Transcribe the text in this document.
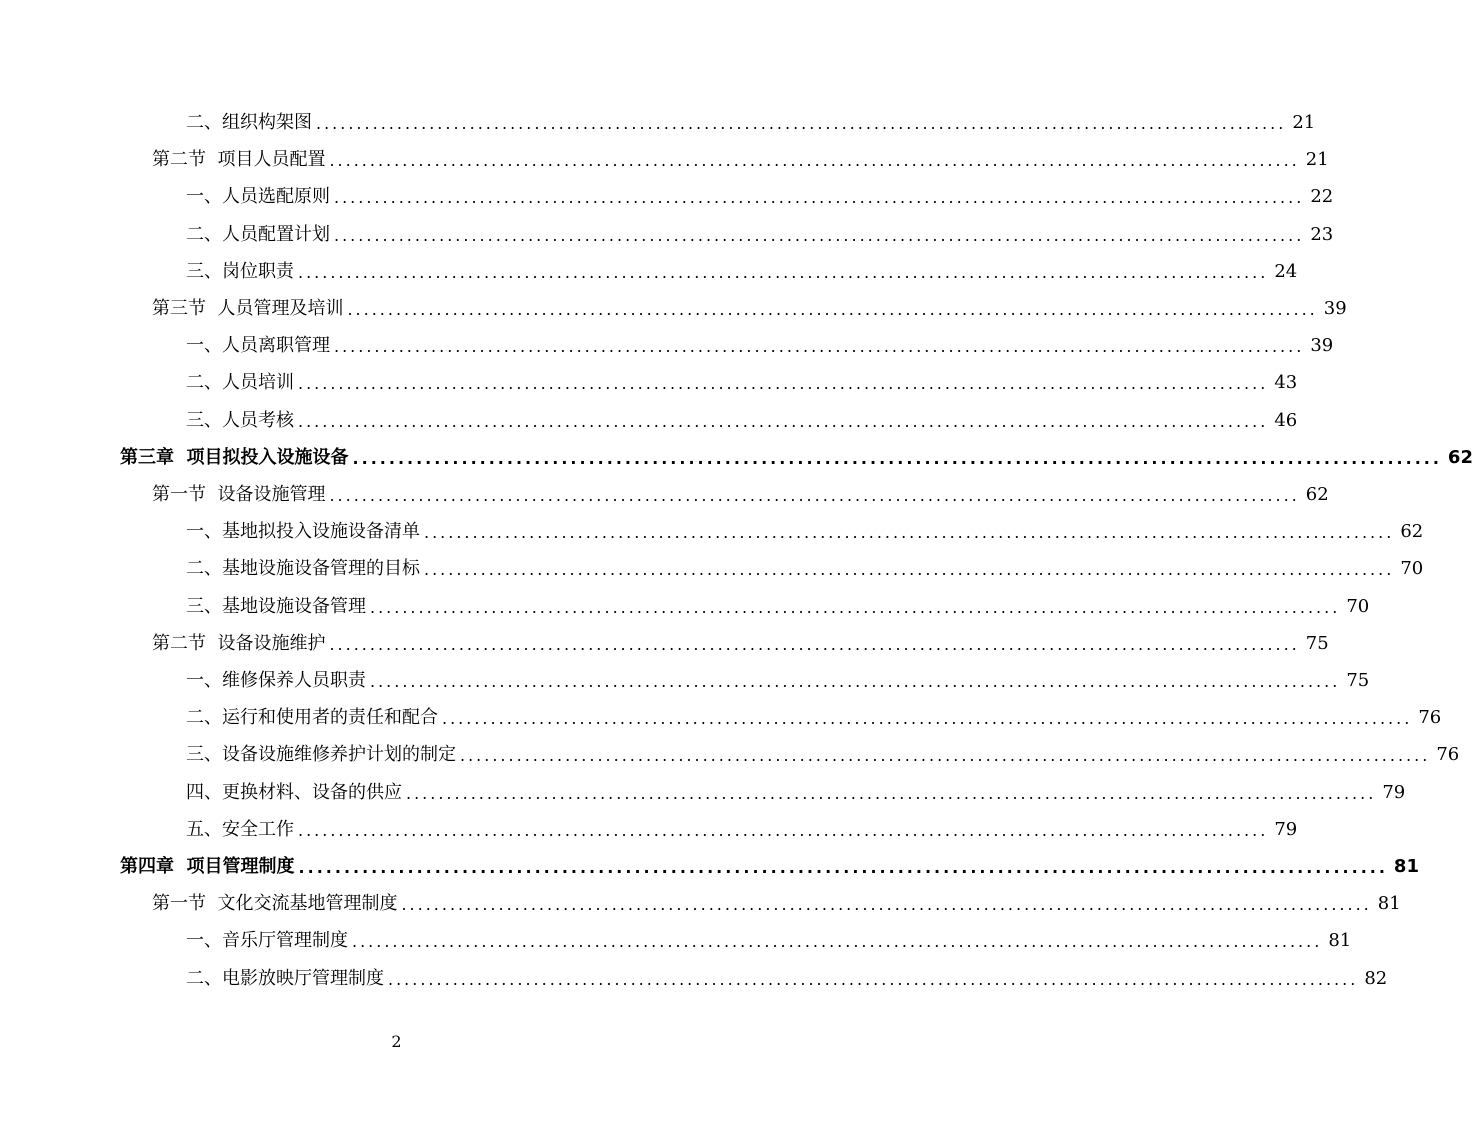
二、组织构架图 ........................................................................................................................ 21
第二节  项目人员配置 ........................................................................................................................ 21
一、人员选配原则 ........................................................................................................................ 22
二、人员配置计划 ........................................................................................................................ 23
三、岗位职责 ........................................................................................................................ 24
第三节  人员管理及培训 ........................................................................................................................ 39
一、人员离职管理 ........................................................................................................................ 39
二、人员培训 ........................................................................................................................ 43
三、人员考核 ........................................................................................................................ 46
第三章  项目拟投入设施设备 ........................................................................................................................ 62
第一节  设备设施管理 ........................................................................................................................ 62
一、基地拟投入设施设备清单 ........................................................................................................................ 62
二、基地设施设备管理的目标 ........................................................................................................................ 70
三、基地设施设备管理 ........................................................................................................................ 70
第二节  设备设施维护 ........................................................................................................................ 75
一、维修保养人员职责 ........................................................................................................................ 75
二、运行和使用者的责任和配合 ........................................................................................................................ 76
三、设备设施维修养护计划的制定 ........................................................................................................................ 76
四、更换材料、设备的供应 ........................................................................................................................ 79
五、安全工作 ........................................................................................................................ 79
第四章  项目管理制度 ........................................................................................................................ 81
第一节  文化交流基地管理制度 ........................................................................................................................ 81
一、音乐厅管理制度 ........................................................................................................................ 81
二、电影放映厅管理制度 ........................................................................................................................ 82
2
